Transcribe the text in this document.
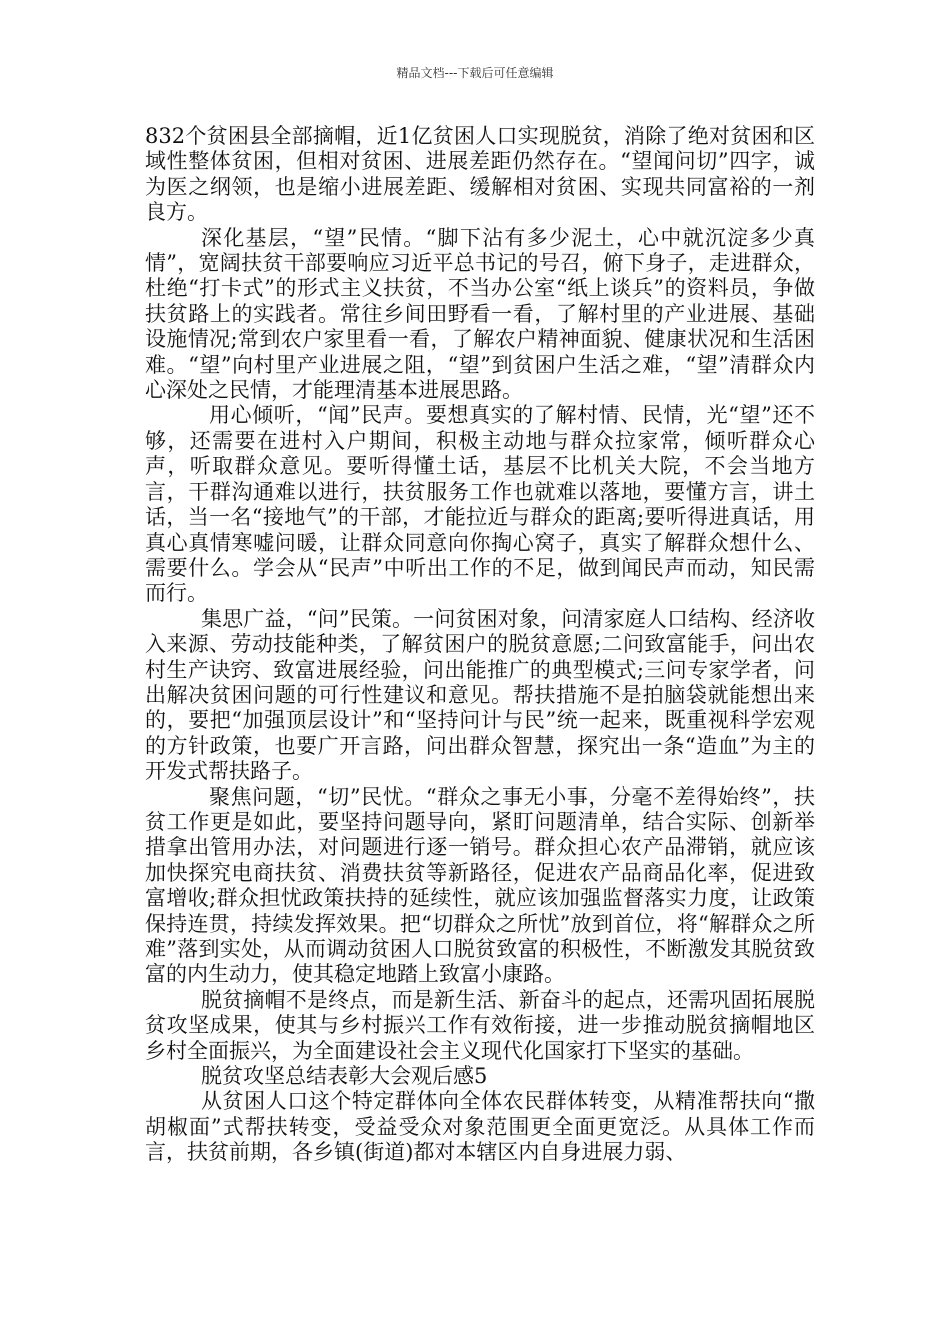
精品文档---下载后可任意编辑

832个贫困县全部摘帽，近1亿贫困人口实现脱贫，消除了绝对贫困和区域性整体贫困，但相对贫困、进展差距仍然存在。“望闻问切”四字，诚为医之纲领，也是缩小进展差距、缓解相对贫困、实现共同富裕的一剂良方。

深化基层，“望”民情。“脚下沾有多少泥土，心中就沉淀多少真情”，宽阔扶贫干部要响应习近平总书记的号召，俯下身子，走进群众，杜绝“打卡式”的形式主义扶贫，不当办公室“纸上谈兵”的资料员，争做扶贫路上的实践者。常往乡间田野看一看，了解村里的产业进展、基础设施情况;常到农户家里看一看，了解农户精神面貌、健康状况和生活困难。“望”向村里产业进展之阻，“望”到贫困户生活之难，“望”清群众内心深处之民情，才能理清基本进展思路。

用心倾听，“闻”民声。要想真实的了解村情、民情，光“望”还不够，还需要在进村入户期间，积极主动地与群众拉家常，倾听群众心声，听取群众意见。要听得懂土话，基层不比机关大院，不会当地方言，干群沟通难以进行，扶贫服务工作也就难以落地，要懂方言，讲土话，当一名“接地气”的干部，才能拉近与群众的距离;要听得进真话，用真心真情寒嘘问暖，让群众同意向你掏心窝子，真实了解群众想什么、需要什么。学会从“民声”中听出工作的不足，做到闻民声而动，知民需而行。

集思广益，“问”民策。一问贫困对象，问清家庭人口结构、经济收入来源、劳动技能种类，了解贫困户的脱贫意愿;二问致富能手，问出农村生产诀窍、致富进展经验，问出能推广的典型模式;三问专家学者，问出解决贫困问题的可行性建议和意见。帮扶措施不是拍脑袋就能想出来的，要把“加强顶层设计”和“坚持问计与民”统一起来，既重视科学宏观的方针政策，也要广开言路，问出群众智慧，探究出一条“造血”为主的开发式帮扶路子。

聚焦问题，“切”民忧。“群众之事无小事，分毫不差得始终”，扶贫工作更是如此，要坚持问题导向，紧盯问题清单，结合实际、创新举措拿出管用办法，对问题进行逐一销号。群众担心农产品滞销，就应该加快探究电商扶贫、消费扶贫等新路径，促进农产品商品化率，促进致富增收;群众担忧政策扶持的延续性，就应该加强监督落实力度，让政策保持连贯，持续发挥效果。把“切群众之所忧”放到首位，将“解群众之所难”落到实处，从而调动贫困人口脱贫致富的积极性，不断激发其脱贫致富的内生动力，使其稳定地踏上致富小康路。

脱贫摘帽不是终点，而是新生活、新奋斗的起点，还需巩固拓展脱贫攻坚成果，使其与乡村振兴工作有效衔接，进一步推动脱贫摘帽地区乡村全面振兴，为全面建设社会主义现代化国家打下坚实的基础。

脱贫攻坚总结表彰大会观后感5

从贫困人口这个特定群体向全体农民群体转变，从精准帮扶向“撒胡椒面”式帮扶转变，受益受众对象范围更全面更宽泛。从具体工作而言，扶贫前期，各乡镇(街道)都对本辖区内自身进展力弱、
